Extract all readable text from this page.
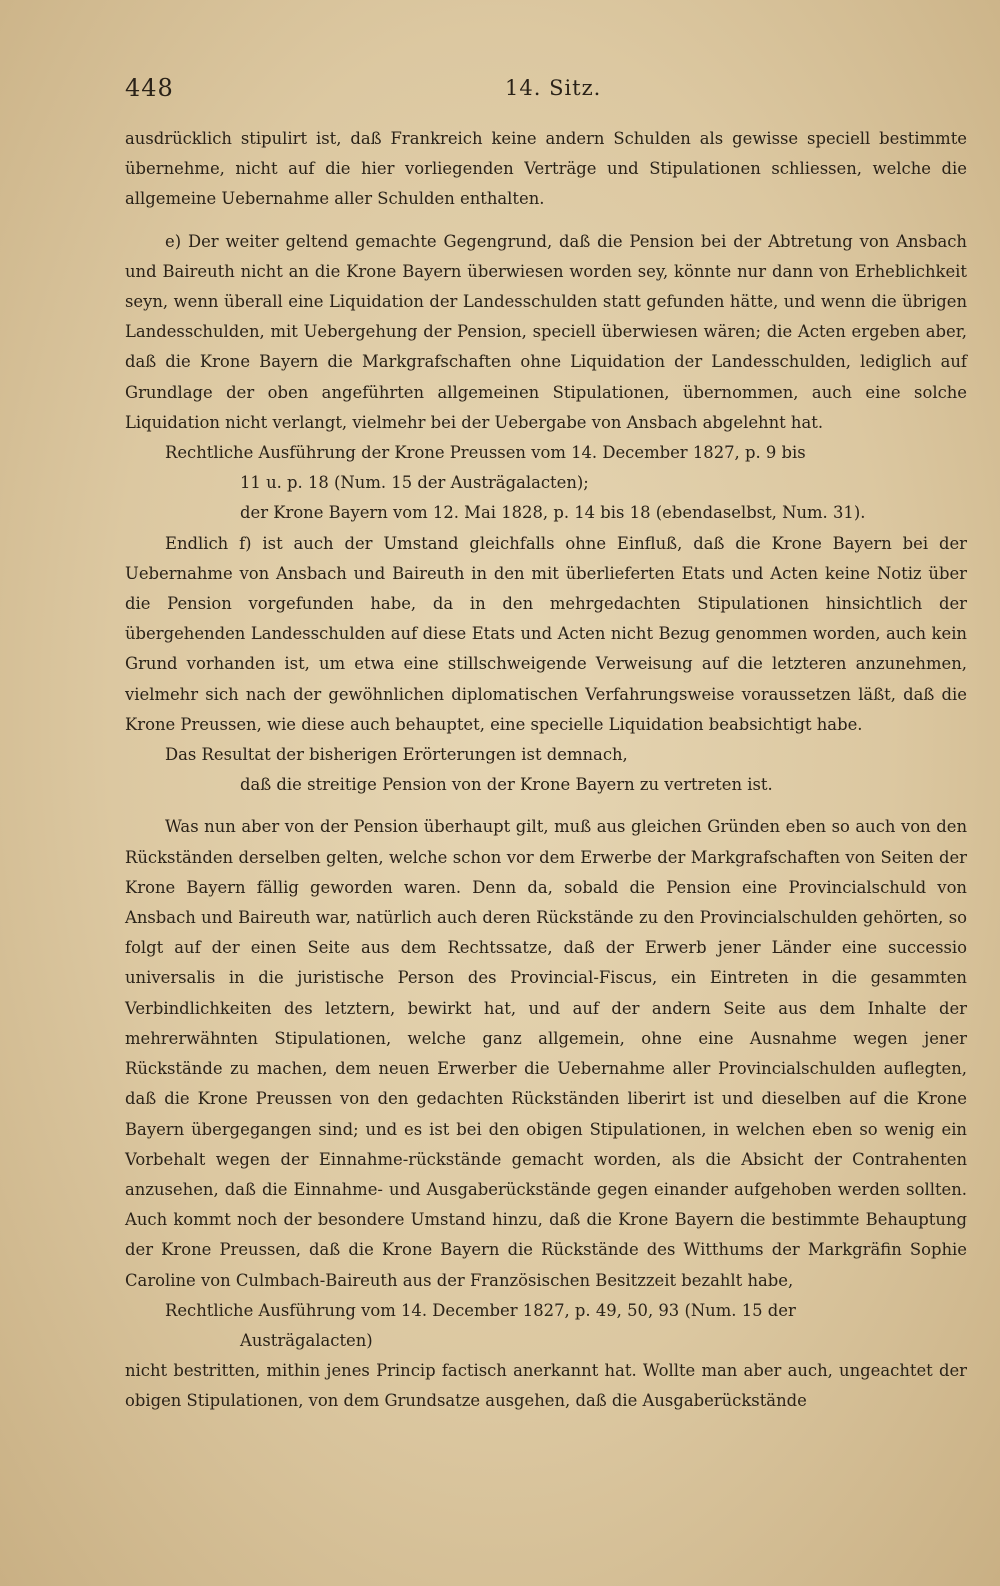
448	14. Sitz.

ausdrücklich stipulirt ist, daß Frankreich keine andern Schulden als gewisse speciell bestimmte übernehme, nicht auf die hier vorliegenden Verträge und Stipulationen schliessen, welche die allgemeine Uebernahme aller Schulden enthalten.

e) Der weiter geltend gemachte Gegengrund, daß die Pension bei der Abtretung von Ansbach und Baireuth nicht an die Krone Bayern überwiesen worden sey, könnte nur dann von Erheblichkeit seyn, wenn überall eine Liquidation der Landesschulden statt gefunden hätte, und wenn die übrigen Landesschulden, mit Uebergehung der Pension, speciell überwiesen wären; die Acten ergeben aber, daß die Krone Bayern die Markgrafschaften ohne Liquidation der Landesschulden, lediglich auf Grundlage der oben angeführten allgemeinen Stipulationen, übernommen, auch eine solche Liquidation nicht verlangt, vielmehr bei der Uebergabe von Ansbach abgelehnt hat.

Rechtliche Ausführung der Krone Preussen vom 14. December 1827, p. 9 bis

11 u. p. 18 (Num. 15 der Austrägalacten);

der Krone Bayern vom 12. Mai 1828, p. 14 bis 18 (ebendaselbst, Num. 31).

Endlich f) ist auch der Umstand gleichfalls ohne Einfluß, daß die Krone Bayern bei der Uebernahme von Ansbach und Baireuth in den mit überlieferten Etats und Acten keine Notiz über die Pension vorgefunden habe, da in den mehrgedachten Stipulationen hinsichtlich der übergehenden Landesschulden auf diese Etats und Acten nicht Bezug genommen worden, auch kein Grund vorhanden ist, um etwa eine stillschweigende Verweisung auf die letzteren anzunehmen, vielmehr sich nach der gewöhnlichen diplomatischen Verfahrungsweise voraussetzen läßt, daß die Krone Preussen, wie diese auch behauptet, eine specielle Liquidation beabsichtigt habe.

Das Resultat der bisherigen Erörterungen ist demnach,

daß die streitige Pension von der Krone Bayern zu vertreten ist.

Was nun aber von der Pension überhaupt gilt, muß aus gleichen Gründen eben so auch von den Rückständen derselben gelten, welche schon vor dem Erwerbe der Markgrafschaften von Seiten der Krone Bayern fällig geworden waren. Denn da, sobald die Pension eine Provincialschuld von Ansbach und Baireuth war, natürlich auch deren Rückstände zu den Provincialschulden gehörten, so folgt auf der einen Seite aus dem Rechtssatze, daß der Erwerb jener Länder eine successio universalis in die juristische Person des Provincial-Fiscus, ein Eintreten in die gesammten Verbindlichkeiten des letztern, bewirkt hat, und auf der andern Seite aus dem Inhalte der mehrerwähnten Stipulationen, welche ganz allgemein, ohne eine Ausnahme wegen jener Rückstände zu machen, dem neuen Erwerber die Uebernahme aller Provincialschulden auflegten, daß die Krone Preussen von den gedachten Rückständen liberirt ist und dieselben auf die Krone Bayern übergegangen sind; und es ist bei den obigen Stipulationen, in welchen eben so wenig ein Vorbehalt wegen der Einnahme-rückstände gemacht worden, als die Absicht der Contrahenten anzusehen, daß die Einnahme- und Ausgaberückstände gegen einander aufgehoben werden sollten. Auch kommt noch der besondere Umstand hinzu, daß die Krone Bayern die bestimmte Behauptung der Krone Preussen, daß die Krone Bayern die Rückstände des Witthums der Markgräfin Sophie Caroline von Culmbach-Baireuth aus der Französischen Besitzzeit bezahlt habe,

Rechtliche Ausführung vom 14. December 1827, p. 49, 50, 93 (Num. 15 der

Austrägalacten)

nicht bestritten, mithin jenes Princip factisch anerkannt hat. Wollte man aber auch, ungeachtet der obigen Stipulationen, von dem Grundsatze ausgehen, daß die Ausgaberückstände
